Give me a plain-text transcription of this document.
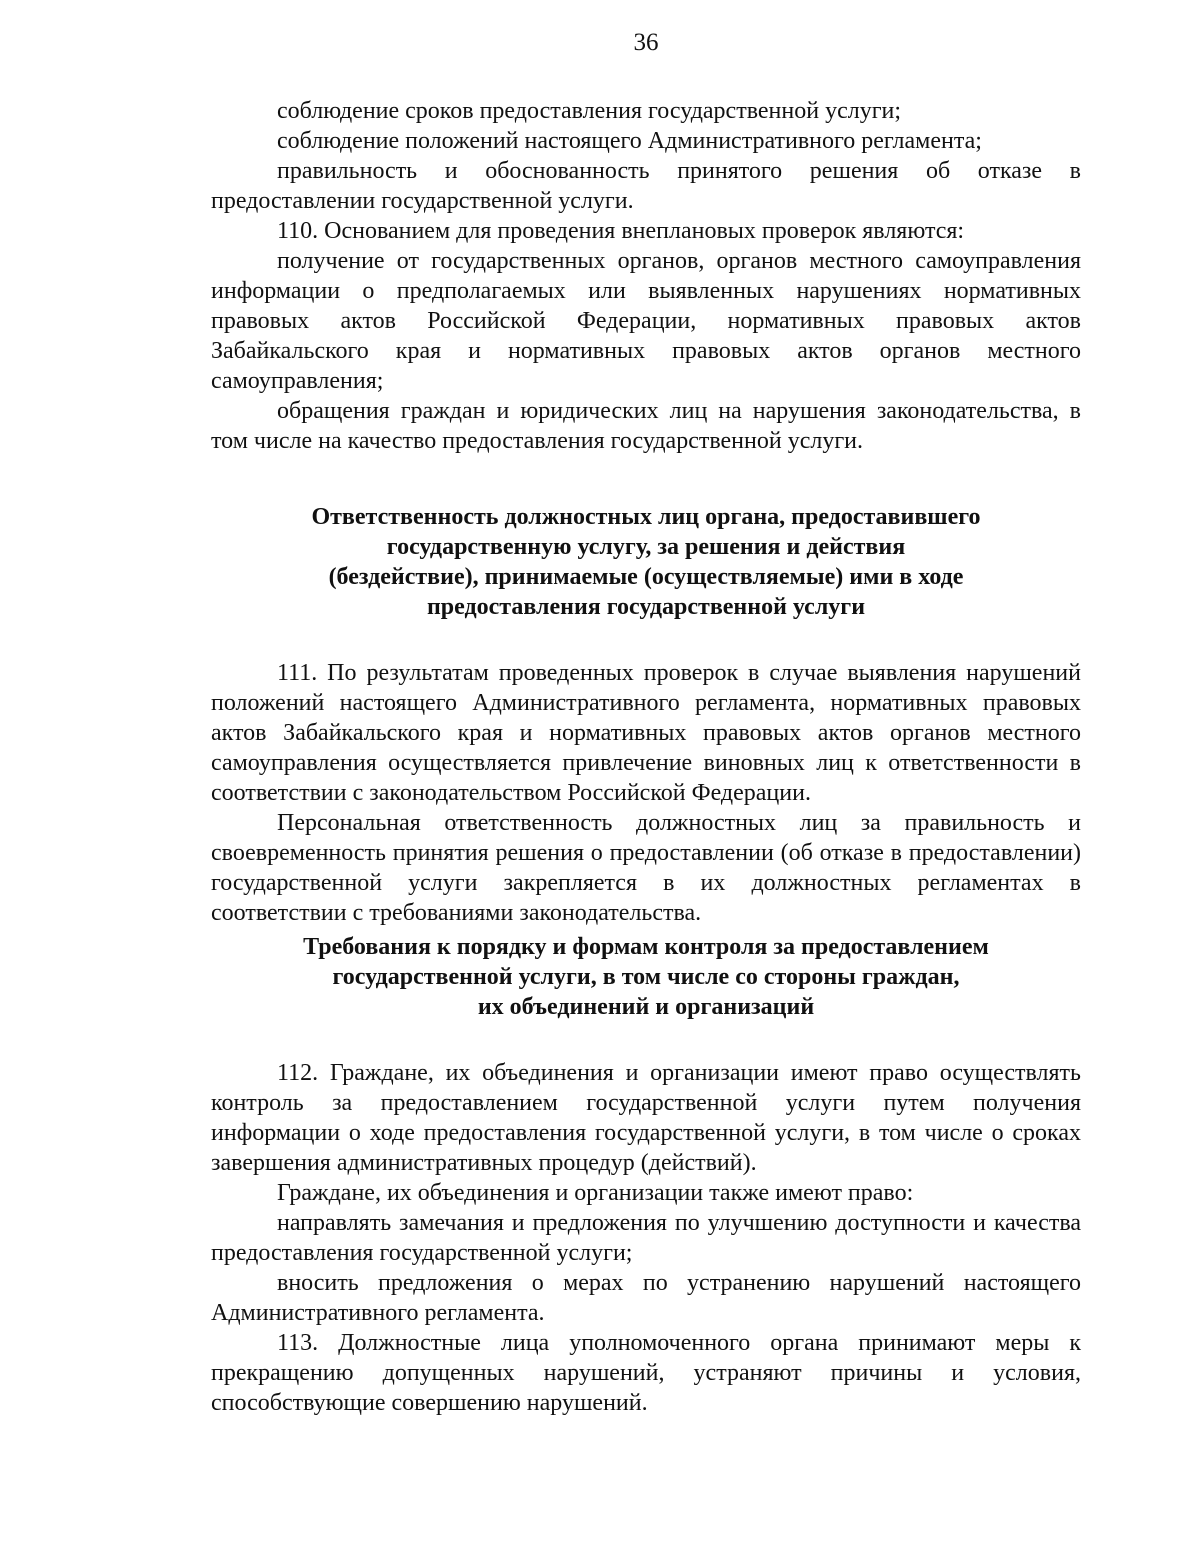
36

соблюдение сроков предоставления государственной услуги;

соблюдение положений настоящего Административного регламента;

правильность и обоснованность принятого решения об отказе в предоставлении государственной услуги.

110. Основанием для проведения внеплановых проверок являются:

получение от государственных органов, органов местного самоуправления информации о предполагаемых или выявленных нарушениях нормативных правовых актов Российской Федерации, нормативных правовых актов Забайкальского края и нормативных правовых актов органов местного самоуправления;

обращения граждан и юридических лиц на нарушения законодательства, в том числе на качество предоставления государственной услуги.

Ответственность должностных лиц органа, предоставившего
государственную услугу, за решения и действия
(бездействие), принимаемые (осуществляемые) ими в ходе
предоставления государственной услуги

111. По результатам проведенных проверок в случае выявления нарушений положений настоящего Административного регламента, нормативных правовых актов Забайкальского края и нормативных правовых актов органов местного самоуправления осуществляется привлечение виновных лиц к ответственности в соответствии с законодательством Российской Федерации.

Персональная ответственность должностных лиц за правильность и своевременность принятия решения о предоставлении (об отказе в предоставлении) государственной услуги закрепляется в их должностных регламентах в соответствии с требованиями законодательства.

Требования к порядку и формам контроля за предоставлением
государственной услуги, в том числе со стороны граждан,
их объединений и организаций

112. Граждане, их объединения и организации имеют право осуществлять контроль за предоставлением государственной услуги путем получения информации о ходе предоставления государственной услуги, в том числе о сроках завершения административных процедур (действий).

Граждане, их объединения и организации также имеют право:

направлять замечания и предложения по улучшению доступности и качества предоставления государственной услуги;

вносить предложения о мерах по устранению нарушений настоящего Административного регламента.

113. Должностные лица уполномоченного органа принимают меры к прекращению допущенных нарушений, устраняют причины и условия, способствующие совершению нарушений.
